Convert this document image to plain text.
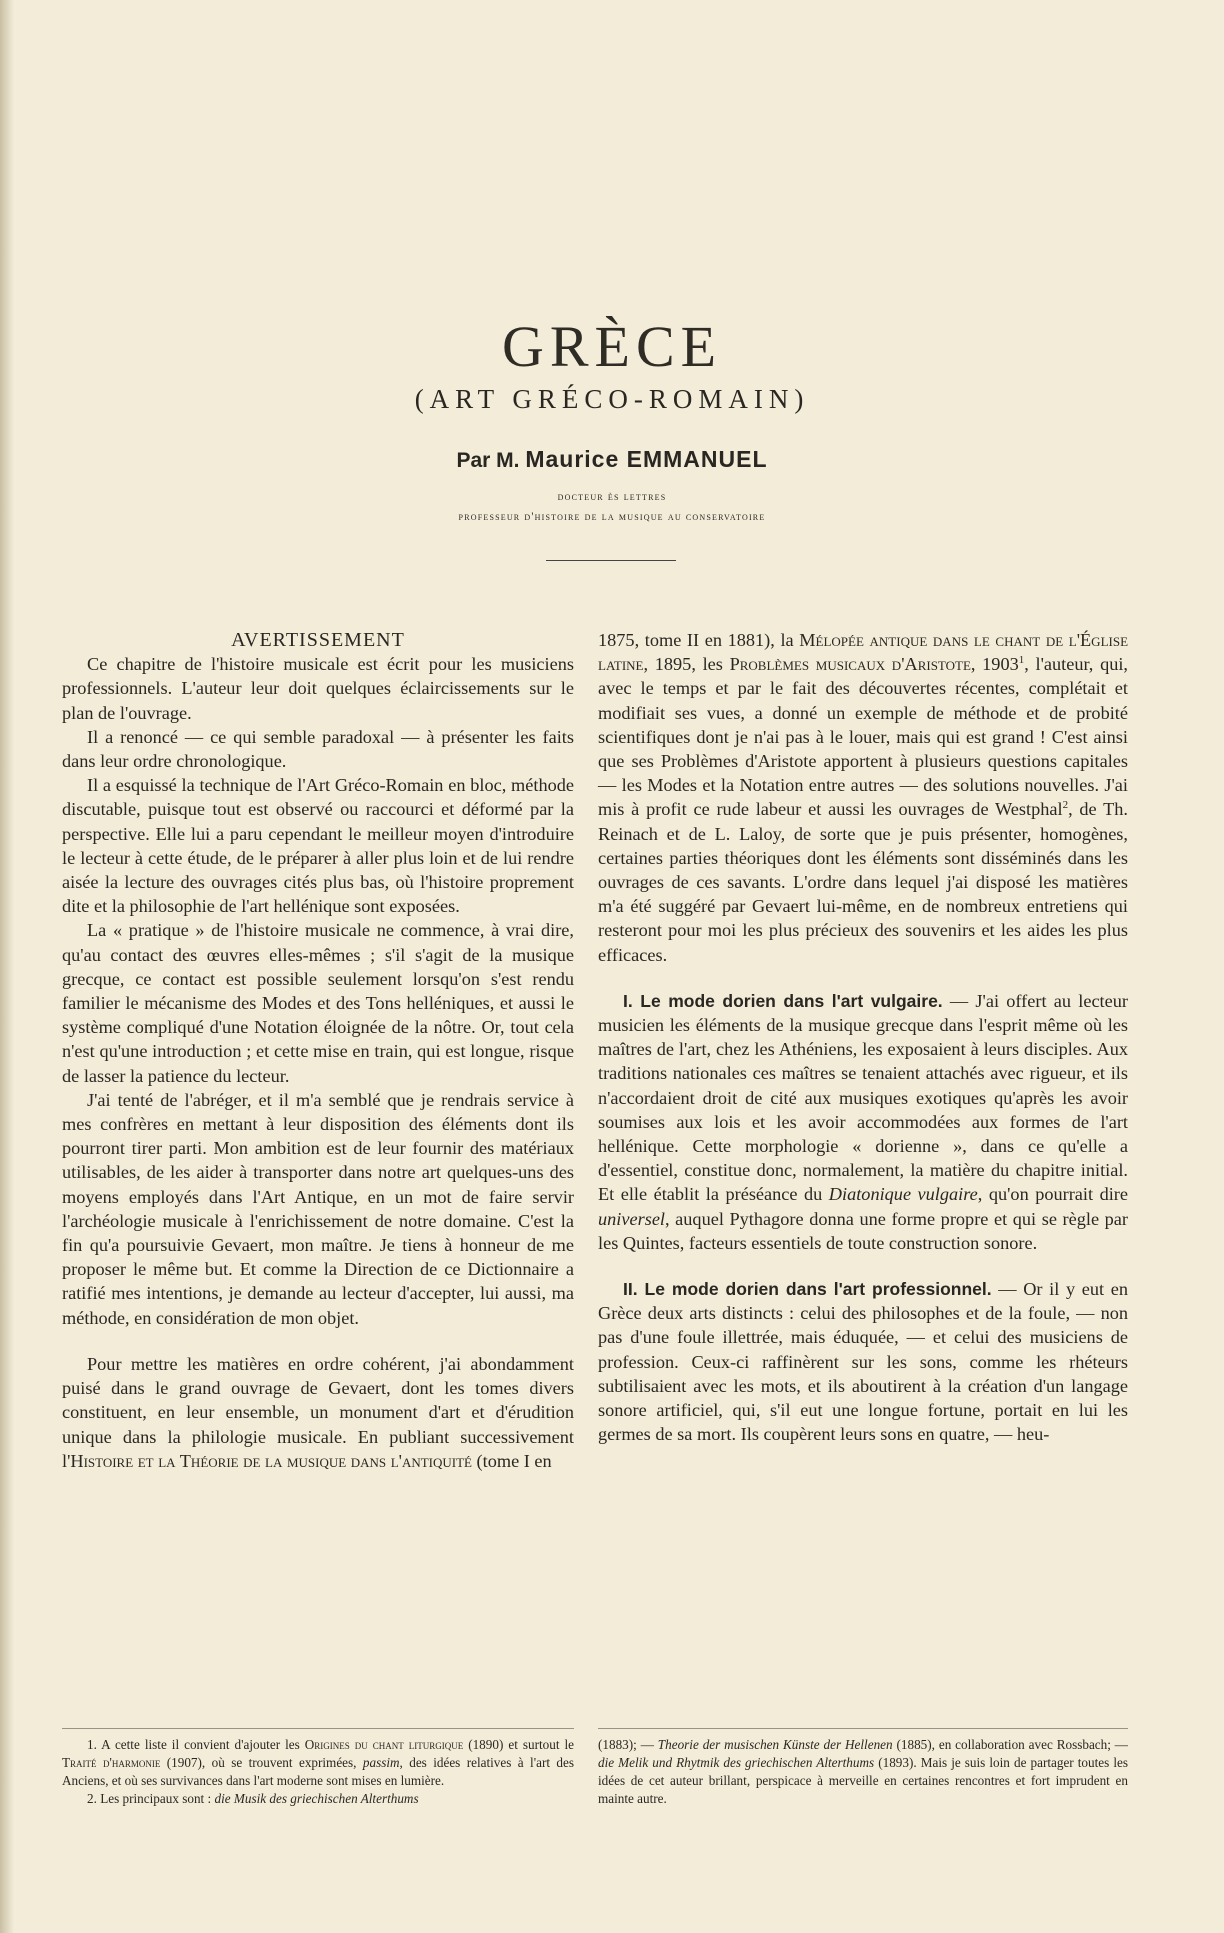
GRÈCE
(ART GRÉCO-ROMAIN)
Par M. Maurice EMMANUEL
docteur ès lettres
professeur d'histoire de la musique au conservatoire

AVERTISSEMENT

Ce chapitre de l'histoire musicale est écrit pour les musiciens professionnels. L'auteur leur doit quelques éclaircissements sur le plan de l'ouvrage.

Il a renoncé — ce qui semble paradoxal — à présenter les faits dans leur ordre chronologique.

Il a esquissé la technique de l'Art Gréco-Romain en bloc, méthode discutable, puisque tout est observé ou raccourci et déformé par la perspective. Elle lui a paru cependant le meilleur moyen d'introduire le lecteur à cette étude, de le préparer à aller plus loin et de lui rendre aisée la lecture des ouvrages cités plus bas, où l'histoire proprement dite et la philosophie de l'art hellénique sont exposées.

La « pratique » de l'histoire musicale ne commence, à vrai dire, qu'au contact des œuvres elles-mêmes ; s'il s'agit de la musique grecque, ce contact est possible seulement lorsqu'on s'est rendu familier le mécanisme des Modes et des Tons helléniques, et aussi le système compliqué d'une Notation éloignée de la nôtre. Or, tout cela n'est qu'une introduction ; et cette mise en train, qui est longue, risque de lasser la patience du lecteur.

J'ai tenté de l'abréger, et il m'a semblé que je rendrais service à mes confrères en mettant à leur disposition des éléments dont ils pourront tirer parti. Mon ambition est de leur fournir des matériaux utilisables, de les aider à transporter dans notre art quelques-uns des moyens employés dans l'Art Antique, en un mot de faire servir l'archéologie musicale à l'enrichissement de notre domaine. C'est la fin qu'a poursuivie Gevaert, mon maître. Je tiens à honneur de me proposer le même but. Et comme la Direction de ce Dictionnaire a ratifié mes intentions, je demande au lecteur d'accepter, lui aussi, ma méthode, en considération de mon objet.

Pour mettre les matières en ordre cohérent, j'ai abondamment puisé dans le grand ouvrage de Gevaert, dont les tomes divers constituent, en leur ensemble, un monument d'art et d'érudition unique dans la philologie musicale. En publiant successivement l'Histoire et la Théorie de la musique dans l'antiquité (tome I en

1875, tome II en 1881), la Mélopée antique dans le chant de l'Église latine, 1895, les Problèmes musicaux d'Aristote, 1903$^1$, l'auteur, qui, avec le temps et par le fait des découvertes récentes, complétait et modifiait ses vues, a donné un exemple de méthode et de probité scientifiques dont je n'ai pas à le louer, mais qui est grand ! C'est ainsi que ses Problèmes d'Aristote apportent à plusieurs questions capitales — les Modes et la Notation entre autres — des solutions nouvelles. J'ai mis à profit ce rude labeur et aussi les ouvrages de Westphal$^2$, de Th. Reinach et de L. Laloy, de sorte que je puis présenter, homogènes, certaines parties théoriques dont les éléments sont disséminés dans les ouvrages de ces savants. L'ordre dans lequel j'ai disposé les matières m'a été suggéré par Gevaert lui-même, en de nombreux entretiens qui resteront pour moi les plus précieux des souvenirs et les aides les plus efficaces.

I. Le mode dorien dans l'art vulgaire. — J'ai offert au lecteur musicien les éléments de la musique grecque dans l'esprit même où les maîtres de l'art, chez les Athéniens, les exposaient à leurs disciples. Aux traditions nationales ces maîtres se tenaient attachés avec rigueur, et ils n'accordaient droit de cité aux musiques exotiques qu'après les avoir soumises aux lois et les avoir accommodées aux formes de l'art hellénique. Cette morphologie « dorienne », dans ce qu'elle a d'essentiel, constitue donc, normalement, la matière du chapitre initial. Et elle établit la préséance du Diatonique vulgaire, qu'on pourrait dire universel, auquel Pythagore donna une forme propre et qui se règle par les Quintes, facteurs essentiels de toute construction sonore.

II. Le mode dorien dans l'art professionnel. — Or il y eut en Grèce deux arts distincts : celui des philosophes et de la foule, — non pas d'une foule illettrée, mais éduquée, — et celui des musiciens de profession. Ceux-ci raffinèrent sur les sons, comme les rhéteurs subtilisaient avec les mots, et ils aboutirent à la création d'un langage sonore artificiel, qui, s'il eut une longue fortune, portait en lui les germes de sa mort. Ils coupèrent leurs sons en quatre, — heu-

1. A cette liste il convient d'ajouter les Origines du chant liturgique (1890) et surtout le Traité d'harmonie (1907), où se trouvent exprimées, passim, des idées relatives à l'art des Anciens, et où ses survivances dans l'art moderne sont mises en lumière.

2. Les principaux sont : die Musik des griechischen Alterthums

(1883); — Theorie der musischen Künste der Hellenen (1885), en collaboration avec Rossbach; — die Melik und Rhytmik des griechischen Alterthums (1893). Mais je suis loin de partager toutes les idées de cet auteur brillant, perspicace à merveille en certaines rencontres et fort imprudent en mainte autre.
